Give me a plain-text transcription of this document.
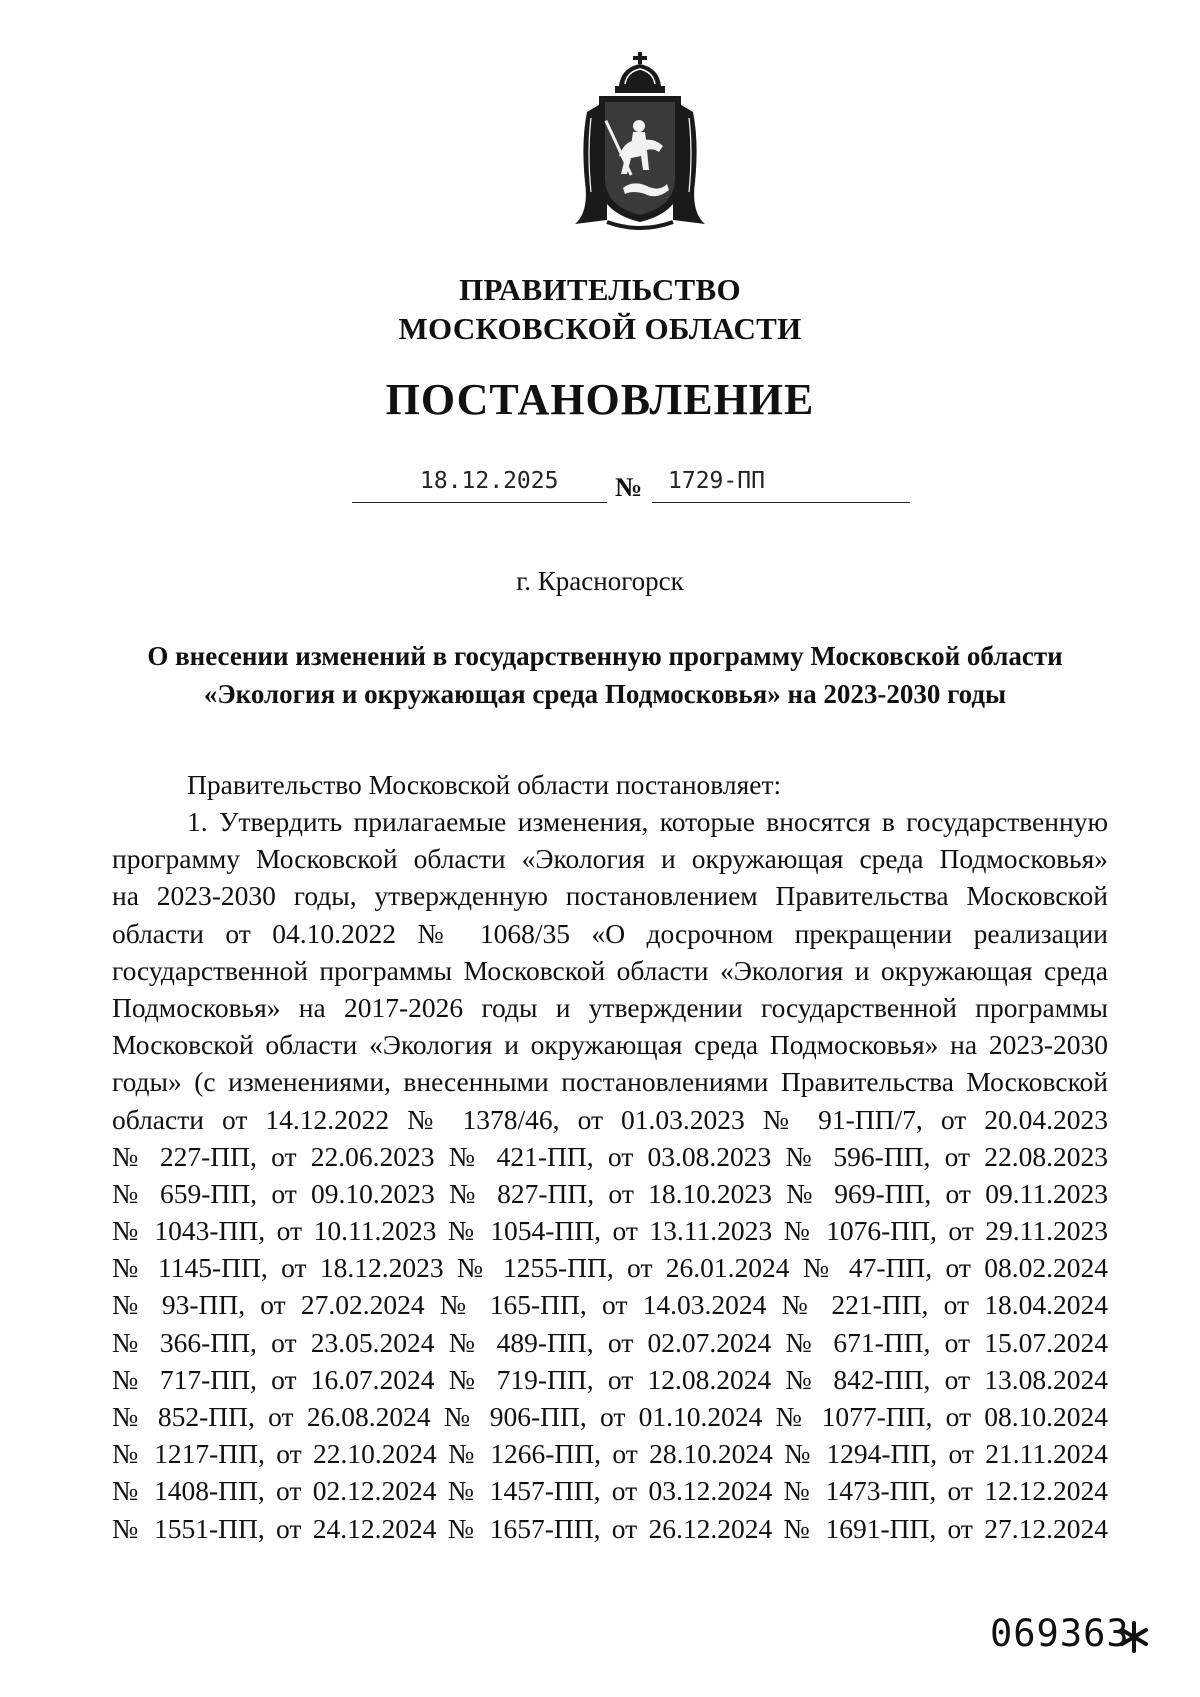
ПРАВИТЕЛЬСТВО
МОСКОВСКОЙ ОБЛАСТИ
ПОСТАНОВЛЕНИЕ
18.12.2025 № 1729-ПП
г. Красногорск
О внесении изменений в государственную программу Московской области
«Экология и окружающая среда Подмосковья» на 2023-2030 годы
Правительство Московской области постановляет:
1. Утвердить прилагаемые изменения, которые вносятся в государственную
программу Московской области «Экология и окружающая среда Подмосковья»
на 2023-2030 годы, утвержденную постановлением Правительства Московской
области от 04.10.2022 № 1068/35 «О досрочном прекращении реализации
государственной программы Московской области «Экология и окружающая среда
Подмосковья» на 2017-2026 годы и утверждении государственной программы
Московской области «Экология и окружающая среда Подмосковья» на 2023-2030
годы» (с изменениями, внесенными постановлениями Правительства Московской
области от 14.12.2022 № 1378/46, от 01.03.2023 № 91-ПП/7, от 20.04.2023
№ 227-ПП, от 22.06.2023 № 421-ПП, от 03.08.2023 № 596-ПП, от 22.08.2023
№ 659-ПП, от 09.10.2023 № 827-ПП, от 18.10.2023 № 969-ПП, от 09.11.2023
№ 1043-ПП, от 10.11.2023 № 1054-ПП, от 13.11.2023 № 1076-ПП, от 29.11.2023
№ 1145-ПП, от 18.12.2023 № 1255-ПП, от 26.01.2024 № 47-ПП, от 08.02.2024
№ 93-ПП, от 27.02.2024 № 165-ПП, от 14.03.2024 № 221-ПП, от 18.04.2024
№ 366-ПП, от 23.05.2024 № 489-ПП, от 02.07.2024 № 671-ПП, от 15.07.2024
№ 717-ПП, от 16.07.2024 № 719-ПП, от 12.08.2024 № 842-ПП, от 13.08.2024
№ 852-ПП, от 26.08.2024 № 906-ПП, от 01.10.2024 № 1077-ПП, от 08.10.2024
№ 1217-ПП, от 22.10.2024 № 1266-ПП, от 28.10.2024 № 1294-ПП, от 21.11.2024
№ 1408-ПП, от 02.12.2024 № 1457-ПП, от 03.12.2024 № 1473-ПП, от 12.12.2024
№ 1551-ПП, от 24.12.2024 № 1657-ПП, от 26.12.2024 № 1691-ПП, от 27.12.2024
069363
